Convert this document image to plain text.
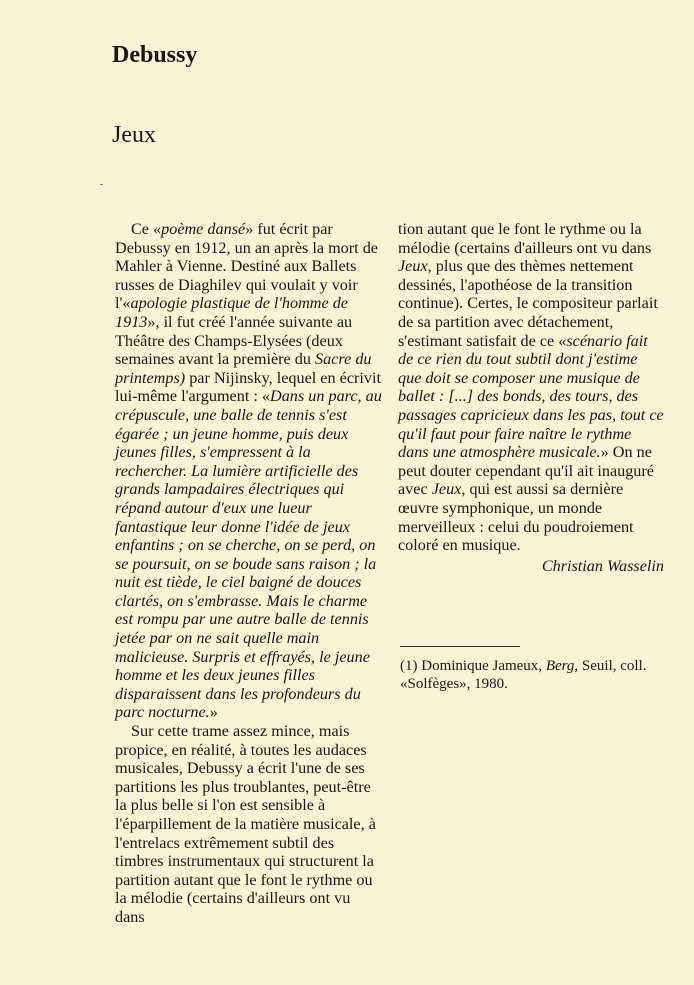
Debussy
Jeux

Ce «poème dansé» fut écrit par Debussy en 1912, un an après la mort de Mahler à Vienne. Destiné aux Ballets russes de Diaghilev qui voulait y voir l'«apologie plastique de l'homme de 1913», il fut créé l'année suivante au Théâtre des Champs-Elysées (deux semaines avant la première du Sacre du printemps) par Nijinsky, lequel en écrivit lui-même l'argument : «Dans un parc, au crépuscule, une balle de tennis s'est égarée ; un jeune homme, puis deux jeunes filles, s'empressent à la rechercher. La lumière artificielle des grands lampadaires électriques qui répand autour d'eux une lueur fantastique leur donne l'idée de jeux enfantins ; on se cherche, on se perd, on se poursuit, on se boude sans raison ; la nuit est tiède, le ciel baigné de douces clartés, on s'embrasse. Mais le charme est rompu par une autre balle de tennis jetée par on ne sait quelle main malicieuse. Surpris et effrayés, le jeune homme et les deux jeunes filles disparaissent dans les profondeurs du parc nocturne.»

Sur cette trame assez mince, mais propice, en réalité, à toutes les audaces musicales, Debussy a écrit l'une de ses partitions les plus troublantes, peut-être la plus belle si l'on est sensible à l'éparpillement de la matière musicale, à l'entrelacs extrêmement subtil des timbres instrumentaux qui structurent la partition autant que le font le rythme ou la mélodie (certains d'ailleurs ont vu dans

tion autant que le font le rythme ou la mélodie (certains d'ailleurs ont vu dans Jeux, plus que des thèmes nettement dessinés, l'apothéose de la transition continue). Certes, le compositeur parlait de sa partition avec détachement, s'estimant satisfait de ce «scénario fait de ce rien du tout subtil dont j'estime que doit se composer une musique de ballet : [...] des bonds, des tours, des passages capricieux dans les pas, tout ce qu'il faut pour faire naître le rythme dans une atmosphère musicale.» On ne peut douter cependant qu'il ait inauguré avec Jeux, qui est aussi sa dernière œuvre symphonique, un monde merveilleux : celui du poudroiement coloré en musique.

Christian Wasselin

(1) Dominique Jameux, Berg, Seuil, coll. «Solfèges», 1980.
